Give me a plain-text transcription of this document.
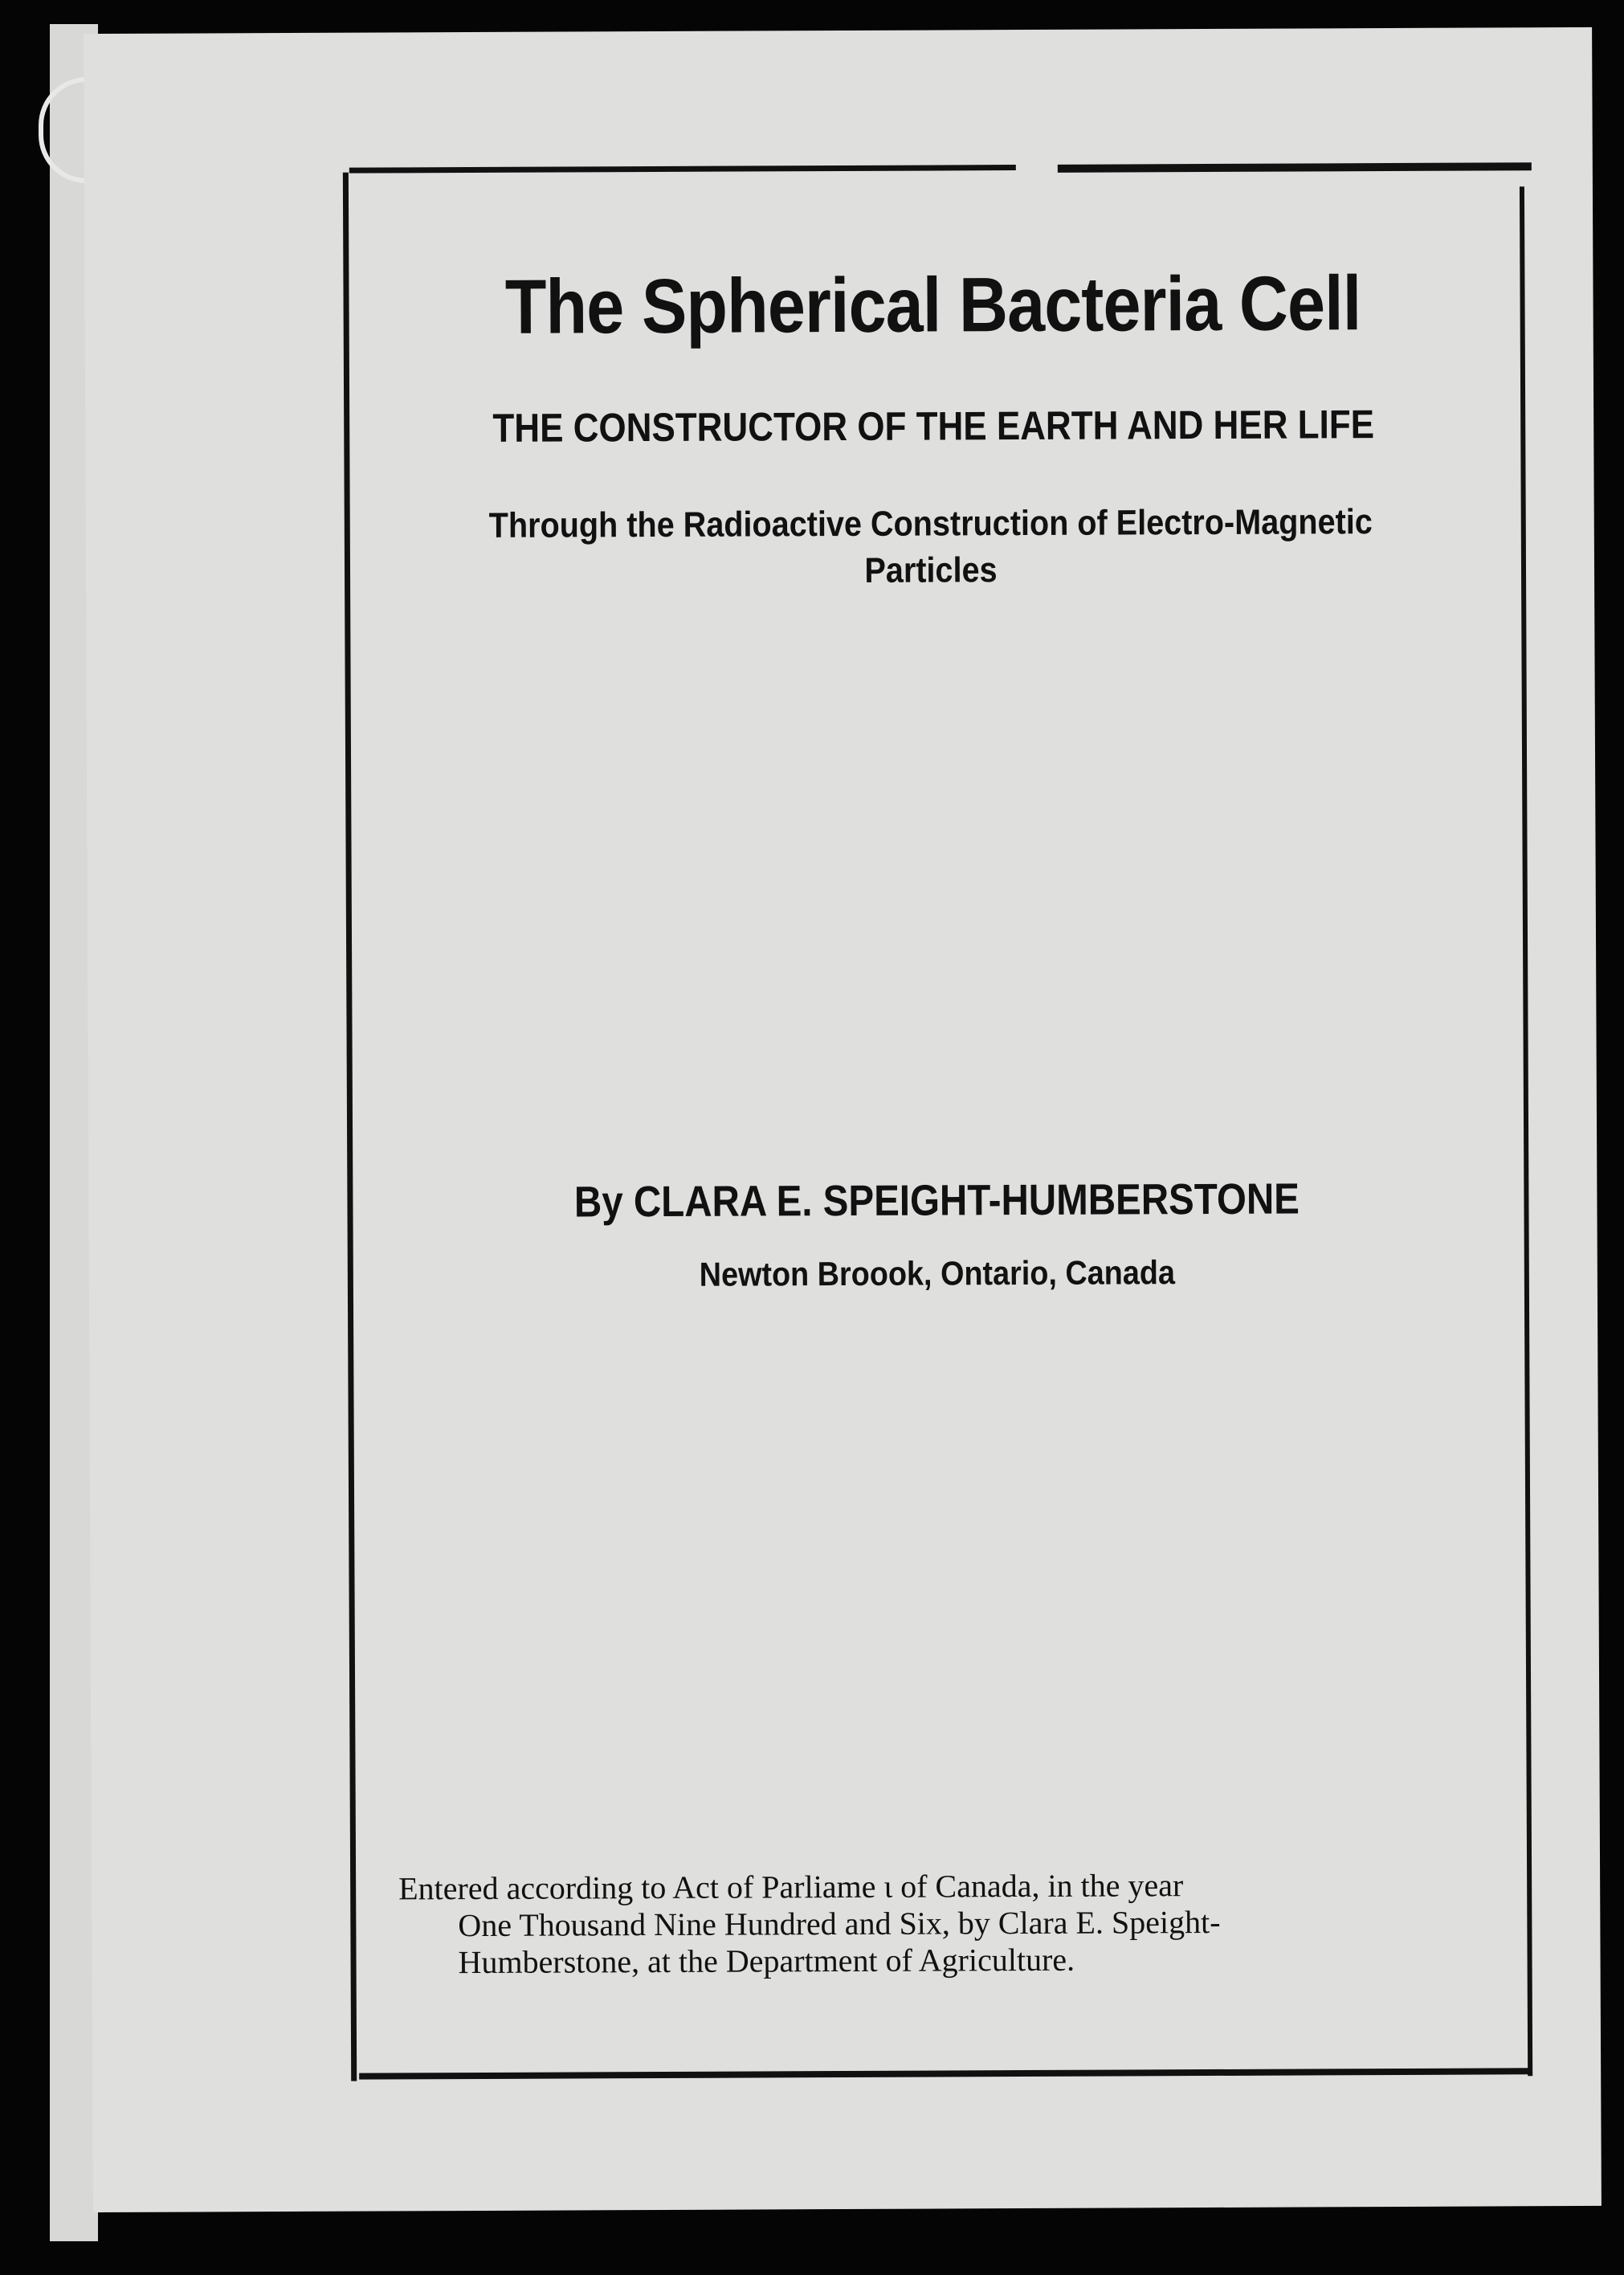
The Spherical Bacteria Cell
THE CONSTRUCTOR OF THE EARTH AND HER LIFE
Through the Radioactive Construction of Electro-Magnetic Particles
By CLARA E. SPEIGHT-HUMBERSTONE
Newton Broook, Ontario, Canada
Entered according to Act of Parliame ι of Canada, in the year
One Thousand Nine Hundred and Six, by Clara E. Speight-
Humberstone, at the Department of Agriculture.
